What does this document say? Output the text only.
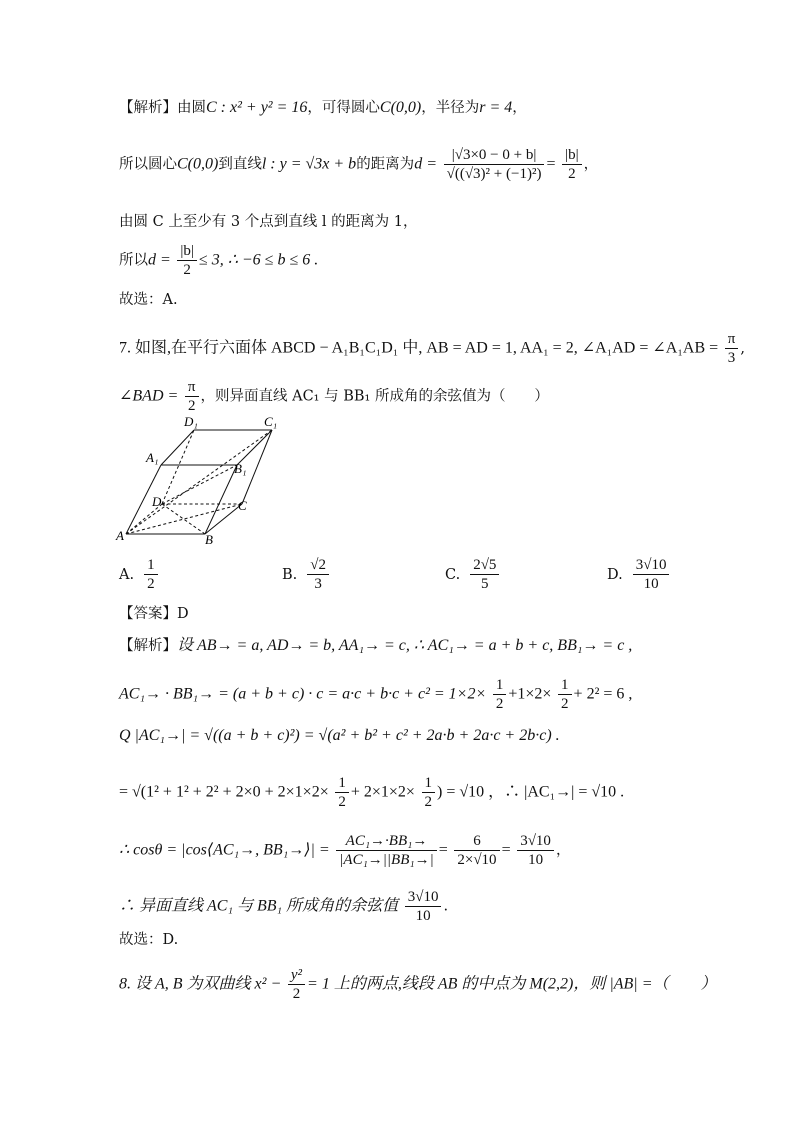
【解析】由圆C : x² + y² = 16，可得圆心C(0,0)，半径为r = 4，
所以圆心C(0,0)到直线l : y = √3x + b的距离为$d = \frac{|√3\times 0 - 0 + b|}{\text{√((√3)² + (−1)²)}} = \frac{|b|}{2}$ ，
由圆 C 上至少有 3 个点到直线 l 的距离为 1，
所以$d = \frac{|b|}{2} \le 3$, ∴ −6 ≤ b ≤ 6 .
故选：A.
7. 如图,在平行六面体 ABCD − A₁B₁C₁D₁ 中, AB = AD = 1, AA₁ = 2, ∠A₁AD = ∠A₁AB = $\frac{\pi}{3}$ ,
∠BAD = $\frac{\pi}{2}$ ，则异面直线 AC₁ 与 BB₁ 所成角的余弦值为（　　）
D₁	C₁
A₁
B₁
D	C
A	B
A. $\frac{1}{2}$	B. $\frac{√2}{3}$	C. $\frac{2√5}{5}$	D. $\frac{3√10}{10}$
【答案】D
【解析】设 AB→ = a, AD→ = b, AA₁→ = c, ∴ AC₁→ = a + b + c, BB₁→ = c ,
$AC_1\to \cdot BB_1\to = (a + b + c) \cdot c = a\cdot c + b\cdot c + c^2 = 1\times 2\times \frac{1}{2} +1\times 2\times \frac{1}{2} + 2^2 = 6$ ,
Q |AC₁→| = √((a + b + c)²) = √(a² + b² + c² + 2a·b + 2a·c + 2b·c) .
= $√(1^2 + 1^2 + 2^2 + 2\times 0 + 2\times 1\times 2\times \frac{1}{2} + 2\times 1\times 2\times \frac{1}{2}$ ) = √10 ，∴ |AC₁→| = √10 .
∴ cosθ = |cos⟨AC₁→, BB₁→⟩| = $\frac{\text{AC₁→·BB₁→}}{\text{|AC₁→||BB₁→|}} = \frac{6}{2\times√10} = \frac{3√10}{10}$ ，
∴ 异面直线 AC₁ 与 BB₁ 所成角的余弦值 $\frac{3√10}{10}$ .
故选：D.
8. 设 A, B 为双曲线 $x^2 - \frac{\text{y²}}{2} = 1$ 上的两点,线段 AB 的中点为 M(2,2)，则 |AB| =（　　）
